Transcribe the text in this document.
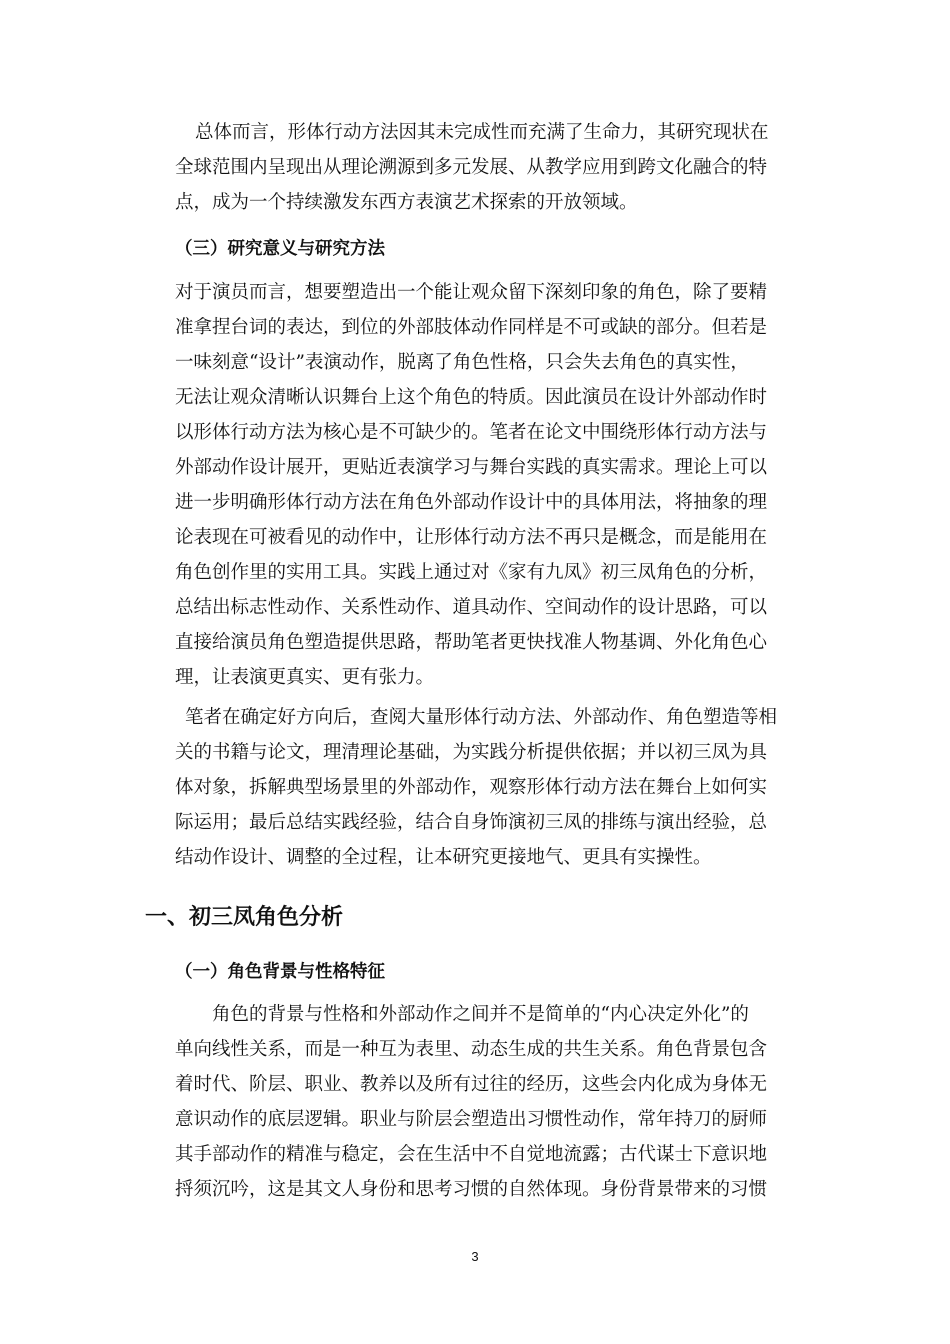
总体而言，形体行动方法因其未完成性而充满了生命力，其研究现状在
全球范围内呈现出从理论溯源到多元发展、从教学应用到跨文化融合的特
点，成为一个持续激发东西方表演艺术探索的开放领域。
（三）研究意义与研究方法
对于演员而言，想要塑造出一个能让观众留下深刻印象的角色，除了要精
准拿捏台词的表达，到位的外部肢体动作同样是不可或缺的部分。但若是
一味刻意“设计”表演动作，脱离了角色性格，只会失去角色的真实性，
无法让观众清晰认识舞台上这个角色的特质。因此演员在设计外部动作时
以形体行动方法为核心是不可缺少的。笔者在论文中围绕形体行动方法与
外部动作设计展开，更贴近表演学习与舞台实践的真实需求。理论上可以
进一步明确形体行动方法在角色外部动作设计中的具体用法，将抽象的理
论表现在可被看见的动作中，让形体行动方法不再只是概念，而是能用在
角色创作里的实用工具。实践上通过对《家有九凤》初三凤角色的分析，
总结出标志性动作、关系性动作、道具动作、空间动作的设计思路，可以
直接给演员角色塑造提供思路，帮助笔者更快找准人物基调、外化角色心
理，让表演更真实、更有张力。
笔者在确定好方向后，查阅大量形体行动方法、外部动作、角色塑造等相
关的书籍与论文，理清理论基础，为实践分析提供依据；并以初三凤为具
体对象，拆解典型场景里的外部动作，观察形体行动方法在舞台上如何实
际运用；最后总结实践经验，结合自身饰演初三凤的排练与演出经验，总
结动作设计、调整的全过程，让本研究更接地气、更具有实操性。
一、初三凤角色分析
（一）角色背景与性格特征
角色的背景与性格和外部动作之间并不是简单的“内心决定外化”的
单向线性关系，而是一种互为表里、动态生成的共生关系。角色背景包含
着时代、阶层、职业、教养以及所有过往的经历，这些会内化成为身体无
意识动作的底层逻辑。职业与阶层会塑造出习惯性动作，常年持刀的厨师
其手部动作的精准与稳定，会在生活中不自觉地流露；古代谋士下意识地
捋须沉吟，这是其文人身份和思考习惯的自然体现。身份背景带来的习惯
3
